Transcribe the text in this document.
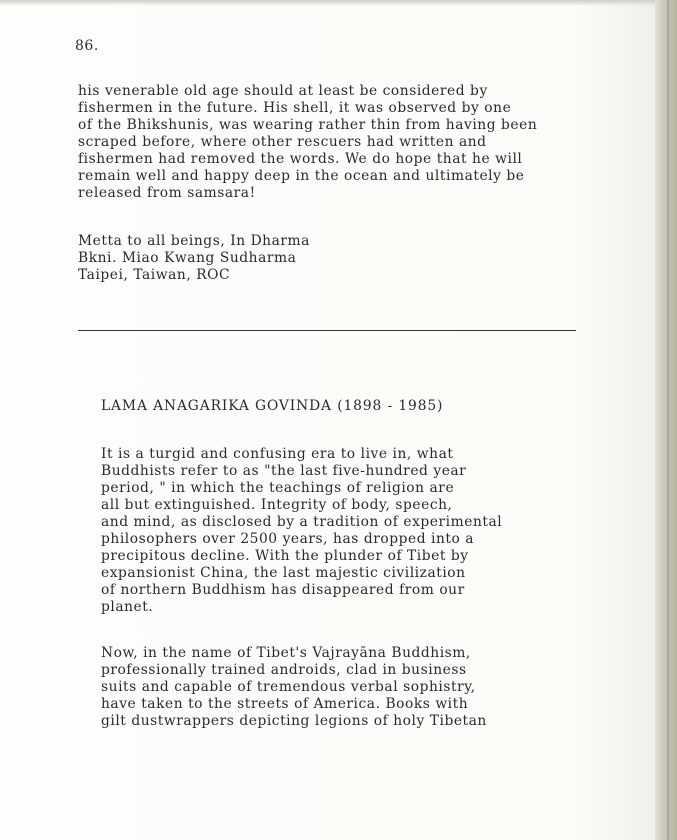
86.
his venerable old age should at least be considered by
fishermen in the future. His shell, it was observed by one
of the Bhikshunis, was wearing rather thin from having been
scraped before, where other rescuers had written and
fishermen had removed the words. We do hope that he will
remain well and happy deep in the ocean and ultimately be
released from samsara!
Metta to all beings, In Dharma
Bkni. Miao Kwang Sudharma
Taipei, Taiwan, ROC
LAMA ANAGARIKA GOVINDA (1898 - 1985)
It is a turgid and confusing era to live in, what
Buddhists refer to as "the last five-hundred year
period, " in which the teachings of religion are
all but extinguished. Integrity of body, speech,
and mind, as disclosed by a tradition of experimental
philosophers over 2500 years, has dropped into a
precipitous decline. With the plunder of Tibet by
expansionist China, the last majestic civilization
of northern Buddhism has disappeared from our
planet.
Now, in the name of Tibet's Vajrayāna Buddhism,
professionally trained androids, clad in business
suits and capable of tremendous verbal sophistry,
have taken to the streets of America. Books with
gilt dustwrappers depicting legions of holy Tibetan
